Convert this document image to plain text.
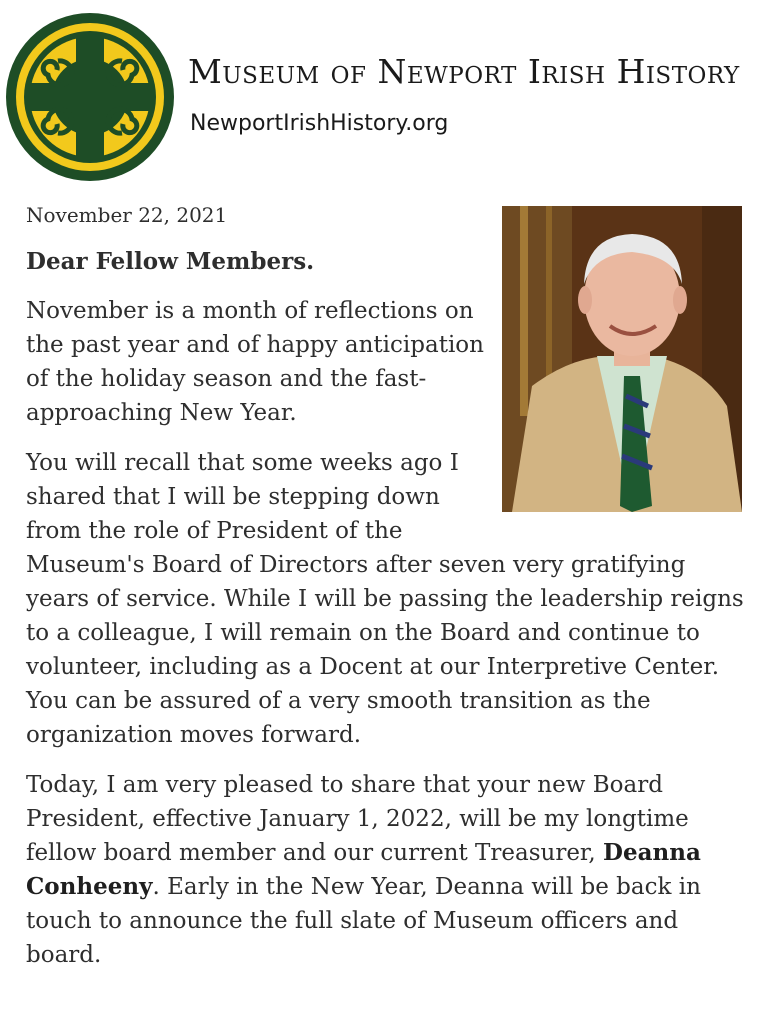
Museum of Newport Irish History
NewportIrishHistory.org

November 22, 2021

Dear Fellow Members.

November is a month of reflections on the past year and of happy anticipation of the holiday season and the fast-approaching New Year.

You will recall that some weeks ago I shared that I will be stepping down from the role of President of the Museum's Board of Directors after seven very gratifying years of service. While I will be passing the leadership reigns to a colleague, I will remain on the Board and continue to volunteer, including as a Docent at our Interpretive Center. You can be assured of a very smooth transition as the organization moves forward.

Today, I am very pleased to share that your new Board President, effective January 1, 2022, will be my longtime fellow board member and our current Treasurer, Deanna Conheeny. Early in the New Year, Deanna will be back in touch to announce the full slate of Museum officers and board.
